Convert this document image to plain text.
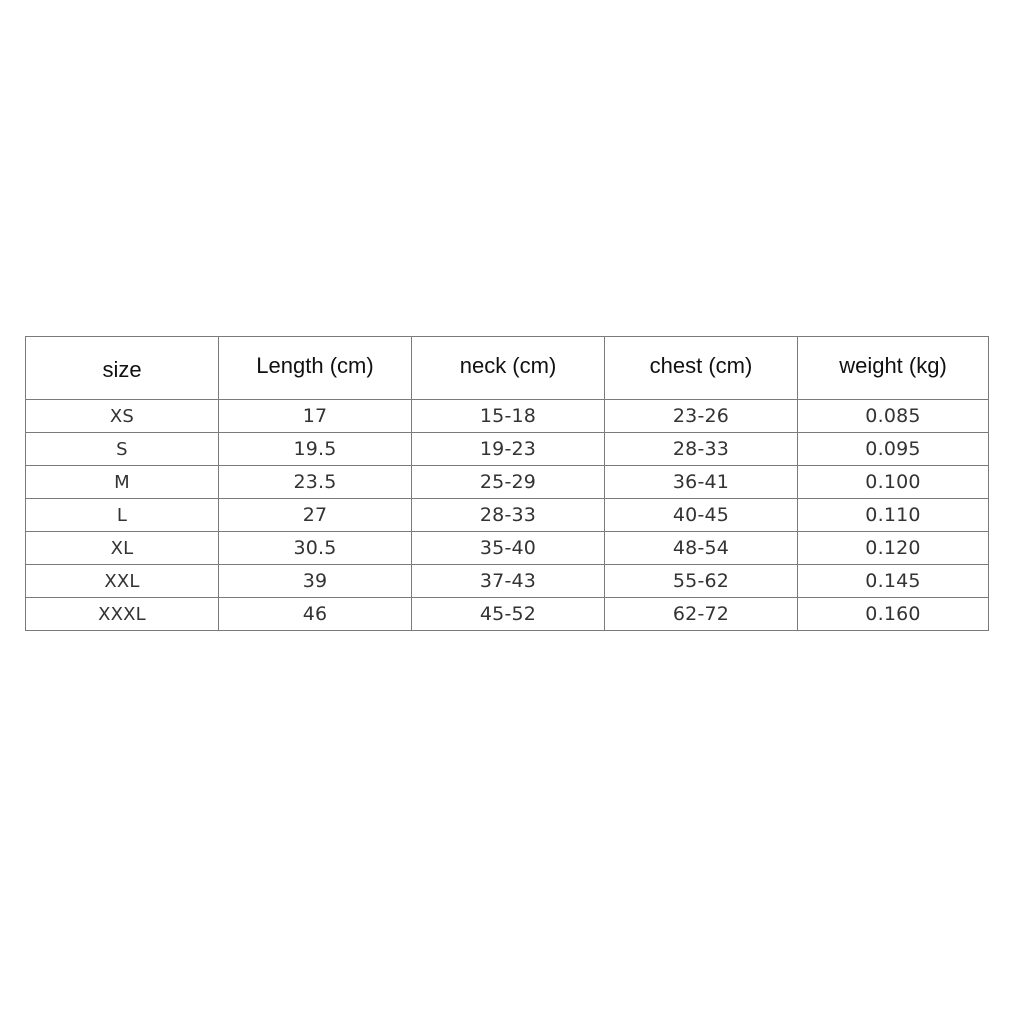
size	Length (cm)	neck (cm)	chest (cm)	weight (kg)
XS	17	15-18	23-26	0.085
S	19.5	19-23	28-33	0.095
M	23.5	25-29	36-41	0.100
L	27	28-33	40-45	0.110
XL	30.5	35-40	48-54	0.120
XXL	39	37-43	55-62	0.145
XXXL	46	45-52	62-72	0.160
